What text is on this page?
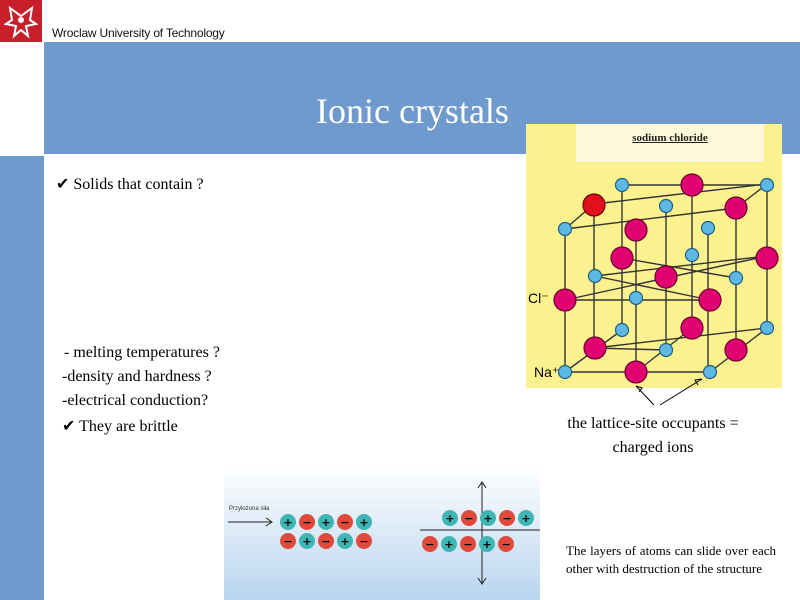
Wroclaw University of Technology
Ionic crystals
✔ Solids that contain ?
- melting temperatures ?
-density and hardness ?
-electrical conduction?
✔ They are brittle
sodium chloride
Cl⁻
Na⁺
the lattice-site occupants =
charged ions
Przyłożona siła
+ − + − +
− + − + −
+ − + − +
− + − + −	The layers of atoms can slide over each other with destruction of the structure
